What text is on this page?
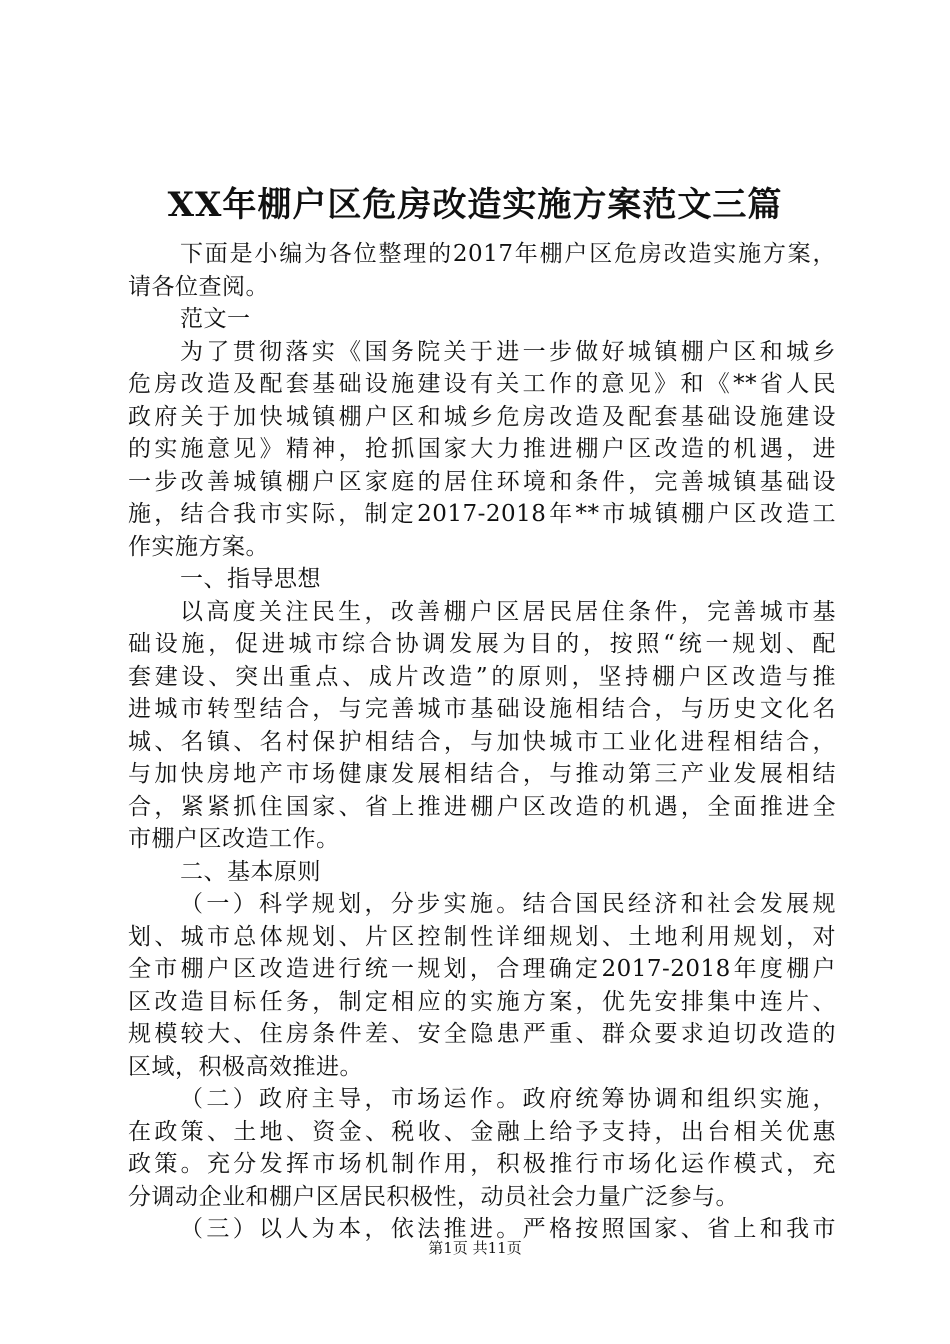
XX年棚户区危房改造实施方案范文三篇
下面是小编为各位整理的2017年棚户区危房改造实施方案，
请各位查阅。
范文一
为了贯彻落实《国务院关于进一步做好城镇棚户区和城乡
危房改造及配套基础设施建设有关工作的意见》和《**省人民
政府关于加快城镇棚户区和城乡危房改造及配套基础设施建设
的实施意见》精神，抢抓国家大力推进棚户区改造的机遇，进
一步改善城镇棚户区家庭的居住环境和条件，完善城镇基础设
施，结合我市实际，制定2017-2018年**市城镇棚户区改造工
作实施方案。
一、指导思想
以高度关注民生，改善棚户区居民居住条件，完善城市基
础设施，促进城市综合协调发展为目的，按照“统一规划、配
套建设、突出重点、成片改造”的原则，坚持棚户区改造与推
进城市转型结合，与完善城市基础设施相结合，与历史文化名
城、名镇、名村保护相结合，与加快城市工业化进程相结合，
与加快房地产市场健康发展相结合，与推动第三产业发展相结
合，紧紧抓住国家、省上推进棚户区改造的机遇，全面推进全
市棚户区改造工作。
二、基本原则
（一）科学规划，分步实施。结合国民经济和社会发展规
划、城市总体规划、片区控制性详细规划、土地利用规划，对
全市棚户区改造进行统一规划，合理确定2017-2018年度棚户
区改造目标任务，制定相应的实施方案，优先安排集中连片、
规模较大、住房条件差、安全隐患严重、群众要求迫切改造的
区域，积极高效推进。
（二）政府主导，市场运作。政府统筹协调和组织实施，
在政策、土地、资金、税收、金融上给予支持，出台相关优惠
政策。充分发挥市场机制作用，积极推行市场化运作模式，充
分调动企业和棚户区居民积极性，动员社会力量广泛参与。
（三）以人为本，依法推进。严格按照国家、省上和我市
第1页 共11页
